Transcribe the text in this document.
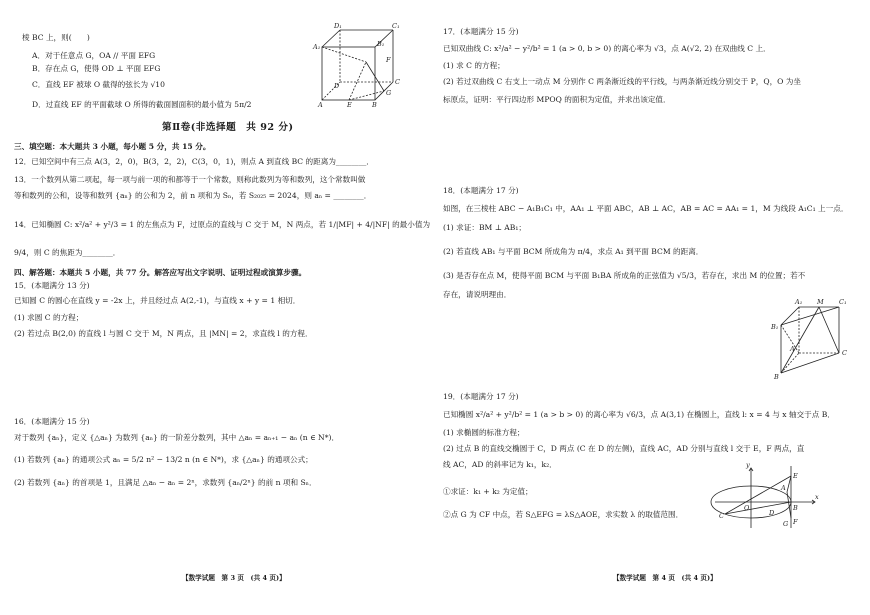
棱 BC 上，则(　　)
A．对于任意点 G，OA // 平面 EFG
B．存在点 G，使得 OD ⊥ 平面 EFG
C．直线 EF 被球 O 截得的弦长为 √10
D．过直线 EF 的平面截球 O 所得的截面圆面积的最小值为 5π/2
D₁	C₁
A₁	B₁
D	C
A	B
E
F
G
第Ⅱ卷(非选择题　共 92 分)
三、填空题：本大题共 3 小题，每小题 5 分，共 15 分。
12．已知空间中有三点 A(3，2，0)，B(3，2，2)，C(3，0，1)，则点 A 到直线 BC 的距离为________．
13．一个数列从第二项起，每一项与前一项的和都等于一个常数，则称此数列为等和数列，这个常数叫做
等和数列的公和，设等和数列 {aₙ} 的公和为 2，前 n 项和为 Sₙ，若 S₂₀₂₅ = 2024，则 aₙ = ________．
14．已知椭圆 C: x²/a² + y²/3 = 1 的左焦点为 F，过原点的直线与 C 交于 M，N 两点，若 1/|MF| + 4/|NF| 的最小值为
9/4，则 C 的焦距为________．
四、解答题：本题共 5 小题，共 77 分。解答应写出文字说明、证明过程或演算步骤。
15．(本题满分 13 分)
已知圆 C 的圆心在直线 y = -2x 上，并且经过点 A(2,-1)，与直线 x + y = 1 相切．
(1) 求圆 C 的方程；
(2) 若过点 B(2,0) 的直线 l 与圆 C 交于 M，N 两点，且 |MN| = 2，求直线 l 的方程．
16．(本题满分 15 分)
对于数列 {aₙ}，定义 {△aₙ} 为数列 {aₙ} 的一阶差分数列，其中 △aₙ = aₙ₊₁ − aₙ (n ∈ N*)．
(1) 若数列 {aₙ} 的通项公式 aₙ = 5/2 n² − 13/2 n (n ∈ N*)，求 {△aₙ} 的通项公式；
(2) 若数列 {aₙ} 的首项是 1，且满足 △aₙ − aₙ = 2ⁿ，求数列 {aₙ/2ⁿ} 的前 n 项和 Sₙ．
【数学试题　第 3 页　(共 4 页)】
17．(本题满分 15 分)
已知双曲线 C: x²/a² − y²/b² = 1 (a > 0, b > 0) 的离心率为 √3，点 A(√2, 2) 在双曲线 C 上．
(1) 求 C 的方程；
(2) 若过双曲线 C 右支上一动点 M 分别作 C 两条渐近线的平行线，与两条渐近线分别交于 P，Q，O 为坐
标原点，证明：平行四边形 MPOQ 的面积为定值，并求出该定值．
18．(本题满分 17 分)
如图，在三棱柱 ABC − A₁B₁C₁ 中，AA₁ ⊥ 平面 ABC，AB ⊥ AC，AB = AC = AA₁ = 1，M 为线段 A₁C₁ 上一点．
(1) 求证：BM ⊥ AB₁；
(2) 若直线 AB₁ 与平面 BCM 所成角为 π/4，求点 A₁ 到平面 BCM 的距离．
(3) 是否存在点 M，使得平面 BCM 与平面 B₁BA 所成角的正弦值为 √5/3，若存在，求出 M 的位置；若不
存在，请说明理由．
A₁ M C₁
B₁
A	C
B
19．(本题满分 17 分)
已知椭圆 x²/a² + y²/b² = 1 (a > b > 0) 的离心率为 √6/3，点 A(3,1) 在椭圆上，直线 l: x = 4 与 x 轴交于点 B．
(1) 求椭圆的标准方程；
(2) 过点 B 的直线交椭圆于 C，D 两点 (C 在 D 的左侧)，直线 AC，AD 分别与直线 l 交于 E，F 两点，直
线 AC，AD 的斜率记为 k₁，k₂．
①求证：k₁ + k₂ 为定值；
②点 G 为 CF 中点，若 S△EFG = λS△AOE，求实数 λ 的取值范围．
y
x
O
A
B
C	D
E
F
G
【数学试题　第 4 页　(共 4 页)】
